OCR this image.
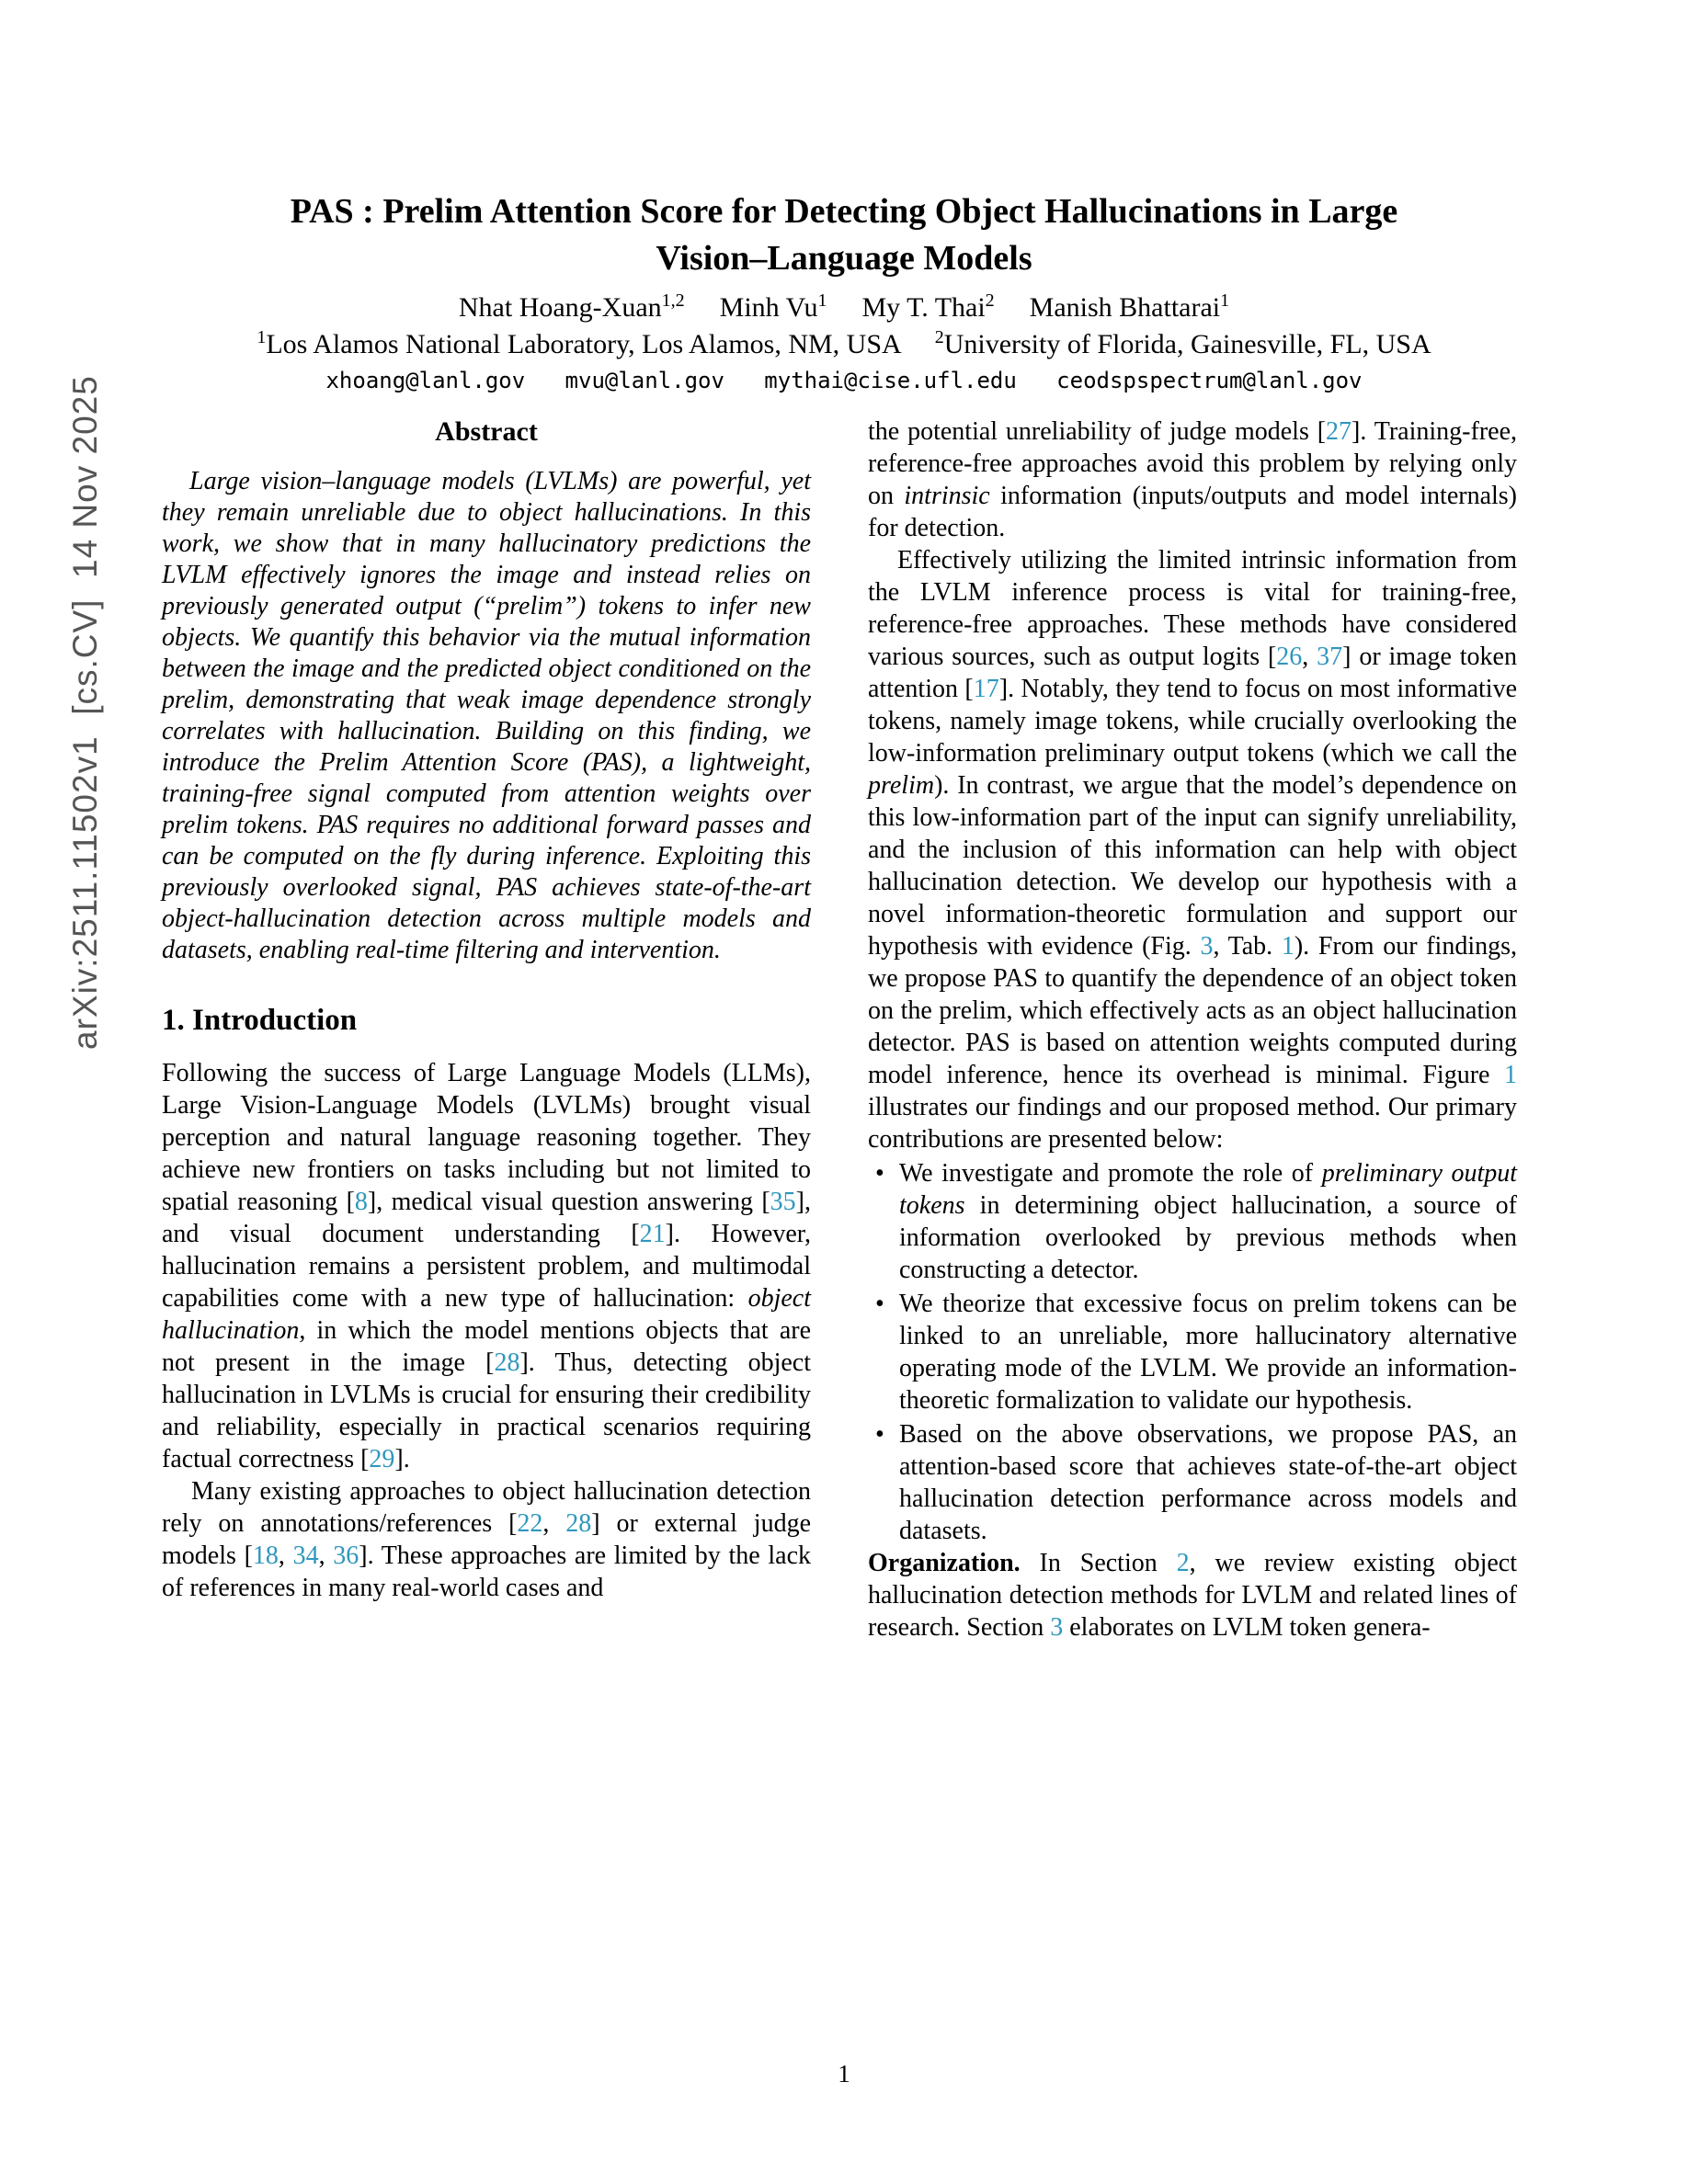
arXiv:2511.11502v1  [cs.CV]  14 Nov 2025
PAS : Prelim Attention Score for Detecting Object Hallucinations in Large
Vision–Language Models
Nhat Hoang-Xuan$^{1,2}$ Minh Vu$^1$ My T. Thai$^2$ Manish Bhattarai$^1$
$^1$Los Alamos National Laboratory, Los Alamos, NM, USA $^2$University of Florida, Gainesville, FL, USA
xhoang@lanl.gov   mvu@lanl.gov   mythai@cise.ufl.edu   ceodspspectrum@lanl.gov
Abstract

Large vision–language models (LVLMs) are powerful, yet they remain unreliable due to object hallucinations. In this work, we show that in many hallucinatory predictions the LVLM effectively ignores the image and instead relies on previously generated output (“prelim”) tokens to infer new objects. We quantify this behavior via the mutual information between the image and the predicted object conditioned on the prelim, demonstrating that weak image dependence strongly correlates with hallucination. Building on this finding, we introduce the Prelim Attention Score (PAS), a lightweight, training-free signal computed from attention weights over prelim tokens. PAS requires no additional forward passes and can be computed on the fly during inference. Exploiting this previously overlooked signal, PAS achieves state-of-the-art object-hallucination detection across multiple models and datasets, enabling real-time filtering and intervention.

1. Introduction

Following the success of Large Language Models (LLMs), Large Vision-Language Models (LVLMs) brought visual perception and natural language reasoning together. They achieve new frontiers on tasks including but not limited to spatial reasoning [8], medical visual question answering [35], and visual document understanding [21]. However, hallucination remains a persistent problem, and multimodal capabilities come with a new type of hallucination: object hallucination, in which the model mentions objects that are not present in the image [28]. Thus, detecting object hallucination in LVLMs is crucial for ensuring their credibility and reliability, especially in practical scenarios requiring factual correctness [29].

Many existing approaches to object hallucination detection rely on annotations/references [22, 28] or external judge models [18, 34, 36]. These approaches are limited by the lack of references in many real-world cases and

the potential unreliability of judge models [27]. Training-free, reference-free approaches avoid this problem by relying only on intrinsic information (inputs/outputs and model internals) for detection.

Effectively utilizing the limited intrinsic information from the LVLM inference process is vital for training-free, reference-free approaches. These methods have considered various sources, such as output logits [26, 37] or image token attention [17]. Notably, they tend to focus on most informative tokens, namely image tokens, while crucially overlooking the low-information preliminary output tokens (which we call the prelim). In contrast, we argue that the model’s dependence on this low-information part of the input can signify unreliability, and the inclusion of this information can help with object hallucination detection. We develop our hypothesis with a novel information-theoretic formulation and support our hypothesis with evidence (Fig. 3, Tab. 1). From our findings, we propose PAS to quantify the dependence of an object token on the prelim, which effectively acts as an object hallucination detector. PAS is based on attention weights computed during model inference, hence its overhead is minimal. Figure 1 illustrates our findings and our proposed method. Our primary contributions are presented below:

• We investigate and promote the role of preliminary output tokens in determining object hallucination, a source of information overlooked by previous methods when constructing a detector.
• We theorize that excessive focus on prelim tokens can be linked to an unreliable, more hallucinatory alternative operating mode of the LVLM. We provide an information-theoretic formalization to validate our hypothesis.
• Based on the above observations, we propose PAS, an attention-based score that achieves state-of-the-art object hallucination detection performance across models and datasets.

Organization. In Section 2, we review existing object hallucination detection methods for LVLM and related lines of research. Section 3 elaborates on LVLM token genera-

1
